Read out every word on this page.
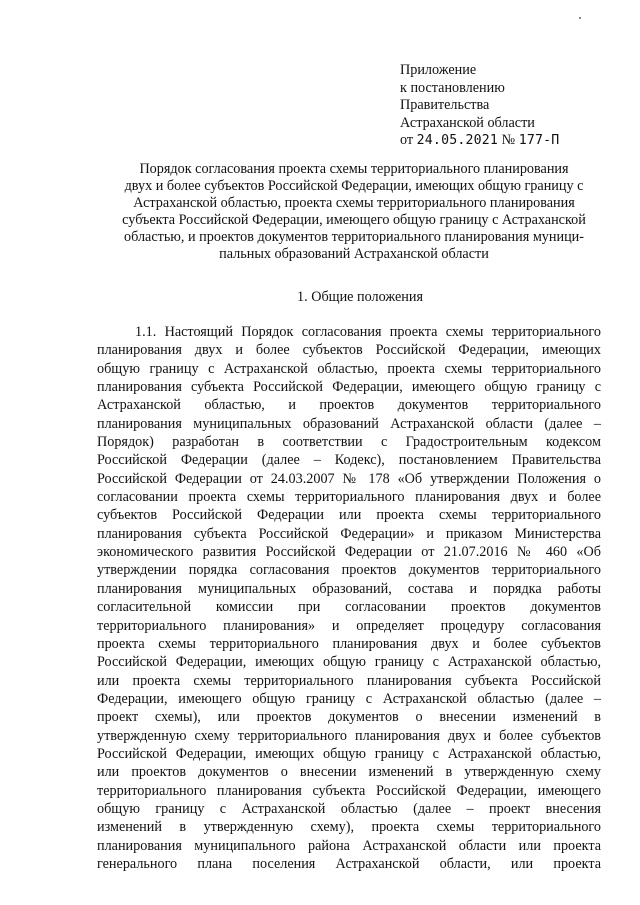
Приложение
к постановлению
Правительства
Астраханской области
от 24.05.2021 № 177-П
Порядок согласования проекта схемы территориального планирования
двух и более субъектов Российской Федерации, имеющих общую границу с
Астраханской областью, проекта схемы территориального планирования
субъекта Российской Федерации, имеющего общую границу с Астраханской
областью, и проектов документов территориального планирования муници-
пальных образований Астраханской области
1. Общие положения
1.1. Настоящий Порядок согласования проекта схемы территориального
планирования двух и более субъектов Российской Федерации, имеющих
общую границу с Астраханской областью, проекта схемы территориального
планирования субъекта Российской Федерации, имеющего общую границу с
Астраханской областью, и проектов документов территориального
планирования муниципальных образований Астраханской области (далее –
Порядок) разработан в соответствии с Градостроительным кодексом
Российской Федерации (далее – Кодекс), постановлением Правительства
Российской Федерации от 24.03.2007 № 178 «Об утверждении Положения о
согласовании проекта схемы территориального планирования двух и более
субъектов Российской Федерации или проекта схемы территориального
планирования субъекта Российской Федерации» и приказом Министерства
экономического развития Российской Федерации от 21.07.2016 № 460 «Об
утверждении порядка согласования проектов документов территориального
планирования муниципальных образований, состава и порядка работы
согласительной комиссии при согласовании проектов документов
территориального планирования» и определяет процедуру согласования
проекта схемы территориального планирования двух и более субъектов
Российской Федерации, имеющих общую границу с Астраханской областью,
или проекта схемы территориального планирования субъекта Российской
Федерации, имеющего общую границу с Астраханской областью (далее –
проект схемы), или проектов документов о внесении изменений в
утвержденную схему территориального планирования двух и более субъектов
Российской Федерации, имеющих общую границу с Астраханской областью,
или проектов документов о внесении изменений в утвержденную схему
территориального планирования субъекта Российской Федерации, имеющего
общую границу с Астраханской областью (далее – проект внесения
изменений в утвержденную схему), проекта схемы территориального
планирования муниципального района Астраханской области или проекта
генерального плана поселения Астраханской области, или проекта
